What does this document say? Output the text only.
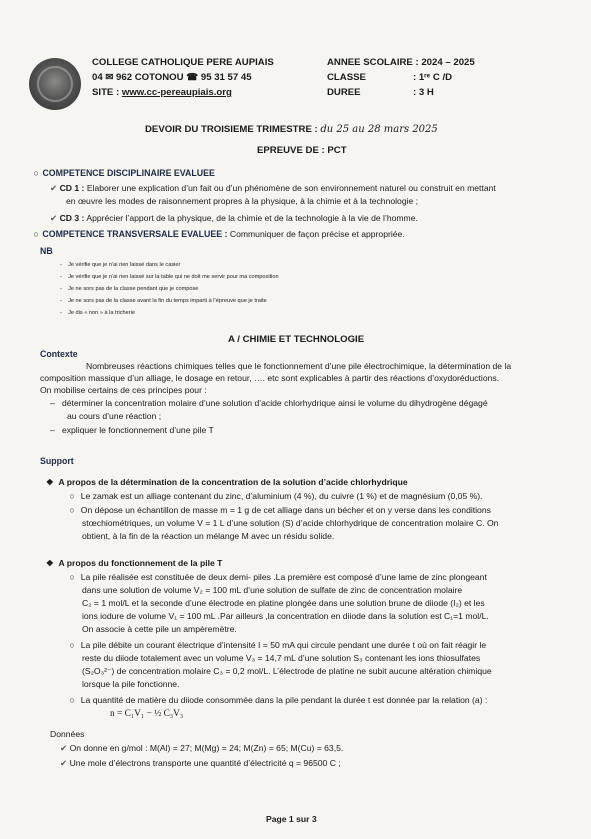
COLLEGE CATHOLIQUE PERE AUPIAIS
04 ✉ 962 COTONOU ☎ 95 31 57 45
SITE : www.cc-pereaupiais.org
ANNEE SCOLAIRE : 2024 – 2025
CLASSE	: 1ʳᵉ C /D
DUREE	: 3 H
DEVOIR DU TROISIEME TRIMESTRE : du 25 au 28 mars 2025
EPREUVE DE : PCT
○ COMPETENCE DISCIPLINAIRE EVALUEE
✔ CD 1 : Elaborer une explication d’un fait ou d’un phénomène de son environnement naturel ou construit en mettant
en œuvre les modes de raisonnement propres à la physique, à la chimie et à la technologie ;
✔ CD 3 : Apprécier l’apport de la physique, de la chimie et de la technologie à la vie de l’homme.
○ COMPETENCE TRANSVERSALE EVALUEE : Communiquer de façon précise et appropriée.
NB
-    Je vérifie que je n’ai rien laissé dans le casier
-    Je vérifie que je n’ai rien laissé sur la table qui ne doit me servir pour ma composition
-    Je ne sors pas de la classe pendant que je compose
-    Je ne sors pas de la classe avant la fin du temps imparti à l’épreuve que je traite
-    Je dis « non » à la tricherie
A / CHIMIE ET TECHNOLOGIE
Contexte
Nombreuses réactions chimiques telles que le fonctionnement d’une pile électrochimique, la détermination de la
composition massique d’un alliage, le dosage en retour, …. etc sont explicables à partir des réactions d’oxydoréductions.
On mobilise certains de ces principes pour :
–   déterminer la concentration molaire d’une solution d’acide chlorhydrique ainsi le volume du dihydrogène dégagé
au cours d’une réaction ;
–   expliquer le fonctionnement d’une pile T
Support
❖ A propos de la détermination de la concentration de la solution d’acide chlorhydrique
○ Le zamak est un alliage contenant du zinc, d’aluminium (4 %), du cuivre (1 %) et de magnésium (0,05 %).
○ On dépose un échantillon de masse m = 1 g de cet alliage dans un bécher et on y verse dans les conditions
stœchiométriques, un volume V = 1 L d’une solution (S) d’acide chlorhydrique de concentration molaire C. On
obtient, à la fin de la réaction un mélange M avec un résidu solide.
❖ A propos du fonctionnement de la pile T
○ La pile réalisée est constituée de deux demi- piles .La première est composé d’une lame de zinc plongeant
dans une solution de volume V₂ = 100 mL d’une solution de sulfate de zinc de concentration molaire
C₂ = 1 mol/L et la seconde d’une électrode en platine plongée dans une solution brune de diiode (I₂) et les
ions iodure de volume V₁ = 100 mL .Par ailleurs ,la concentration en diiode dans la solution est C₁=1 mol/L.
On associe à cette pile un ampèremètre.
○ La pile débite un courant électrique d’intensité I = 50 mA qui circule pendant une durée t où on fait réagir le
reste du diiode totalement avec un volume V₃ = 14,7 mL d’une solution S₃ contenant les ions thiosulfates
(S₂O₃²⁻) de concentration molaire C₃ = 0,2 mol/L. L’électrode de platine ne subit aucune altération chimique
lorsque la pile fonctionne.
○ La quantité de matière du diiode consommée dans la pile pendant la durée t est donnée par la relation (a) :
n = C₁V₁ − ½ C₃V₃
Données
✔ On donne en g/mol : M(Al) = 27; M(Mg) = 24; M(Zn) = 65; M(Cu) = 63,5.
✔ Une mole d’électrons transporte une quantité d’électricité q = 96500 C ;
Page 1 sur 3
